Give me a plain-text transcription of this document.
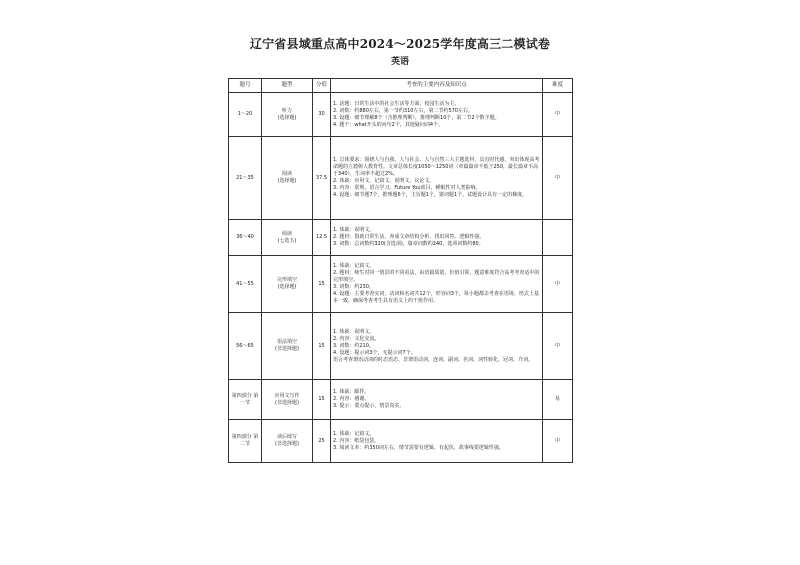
辽宁省县域重点高中2024～2025学年度高三二模试卷
英语
题号	题型	分值	考查的主要内容及知识点	难度
1～20	听力
(选择题)	30	1. 话题：日常生活中的社会生活等方面；校园生活为主。
2. 词数：约880左右，第一节约310左右，第二节约570左右。
3. 设题：细节理解8个（含推理判断），推理判断10个，第二节2个数字题。
4. 题干：what开头的问句2个，其他疑问词4个。	中
21～35	阅读
(选择题)	37.5	1. 总体要求：围绕人与自我、人与社会、人与自然三大主题选材，具有时代感，突出体现高考命题的立德树人教育性。文章总体长度1050～1250词（单篇篇章不低于250，最长篇章不高于340），生词率不超过2%。
2. 体裁：应用文、记叙文、说明文、议论文。
3. 内容：常规、语言学习、Future You项目、睡眠性对人类影响。
4. 设题：细节题7个，推理题6个，主旨题1个，猜词题1个。试题设计具有一定的梯度。	中
36～40	阅读
(七选五)	12.5	1. 体裁：说明文。
2. 题材：借助日常生活，养成文章结构分析，找出回答、逻辑性强。
3. 词数：总词数约320(含选项)，篇章词数约240，选项词数约80。	

41～55	完形填空
(选择题)	15	1. 体裁：记叙文。
2. 题材：师生对同一情景的不同看法，由语篇质量，价值引领，题意难度符合高考考查适中的完形填空。
3. 词数：约230。
4. 设题：主要考查实词，动词和名词共12个，形容词3个，每小题都去考查在语境、形式上基本一致，确保考查考生具有语义上的干扰作用。	中
56～65	语法填空
(非选择题)	15	1. 体裁：说明文。
2. 内容：文化交流。
3. 词数：约210。
4. 设题：提示词3个，无提示词7个。
语言考查谓语动词的时态语态、非谓语动词、连词、副词、名词、词性转化、冠词、介词。	中
第四部分 第一节	应用文写作
(非选择题)	15	1. 体裁：邮件。
2. 内容：感谢。
3. 提示：要点提示，情景真实。	易
第四部分 第二节	读后续写
(非选择题)	25	1. 体裁：记叙文。
2. 内容：纸袋包装。
3. 阅读文本：约350词左右，情节需要有逻辑，有起伏，故事线要逻辑性强。	中
